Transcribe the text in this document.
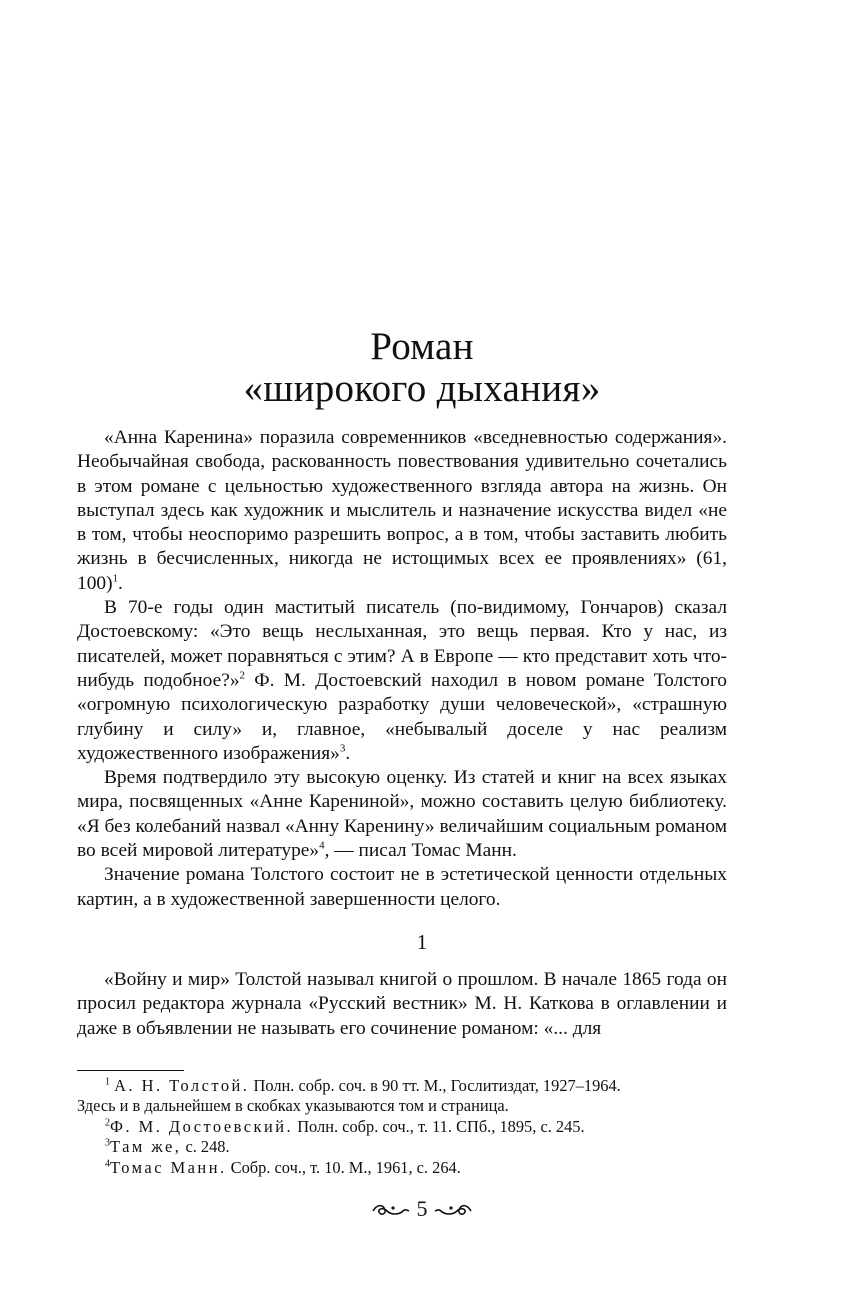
Роман
«широкого дыхания»

«Анна Каренина» поразила современников «вседневностью содержания». Необычайная свобода, раскованность повествования удивительно сочетались в этом романе с цельностью художественного взгляда автора на жизнь. Он выступал здесь как художник и мыслитель и назначение искусства видел «не в том, чтобы неоспоримо разрешить вопрос, а в том, чтобы заставить любить жизнь в бесчисленных, никогда не истощимых всех ее проявлениях» (61, 100)$^1$.

В 70-е годы один маститый писатель (по-видимому, Гончаров) сказал Достоевскому: «Это вещь неслыханная, это вещь первая. Кто у нас, из писателей, может поравняться с этим? А в Европе — кто представит хоть что-нибудь подобное?»$^2$ Ф. М. Достоевский находил в новом романе Толстого «огромную психологическую разработку души человеческой», «страшную глубину и силу» и, главное, «небывалый доселе у нас реализм художественного изображения»$^3$.

Время подтвердило эту высокую оценку. Из статей и книг на всех языках мира, посвященных «Анне Карениной», можно составить целую библиотеку. «Я без колебаний назвал «Анну Каренину» величайшим социальным романом во всей мировой литературе»$^4$, — писал Томас Манн.

Значение романа Толстого состоит не в эстетической ценности отдельных картин, а в художественной завершенности целого.

1

«Войну и мир» Толстой называл книгой о прошлом. В начале 1865 года он просил редактора журнала «Русский вестник» М. Н. Каткова в оглавлении и даже в объявлении не называть его сочинение романом: «... для

$^1$ А. Н. Толстой. Полн. собр. соч. в 90 тт. М., Гослитиздат, 1927–1964.

Здесь и в дальнейшем в скобках указываются том и страница.

$^2$Ф. М. Достоевский. Полн. собр. соч., т. 11. СПб., 1895, с. 245.

$^3$Там же, с. 248.

$^4$Томас Манн. Собр. соч., т. 10. М., 1961, с. 264.

5
